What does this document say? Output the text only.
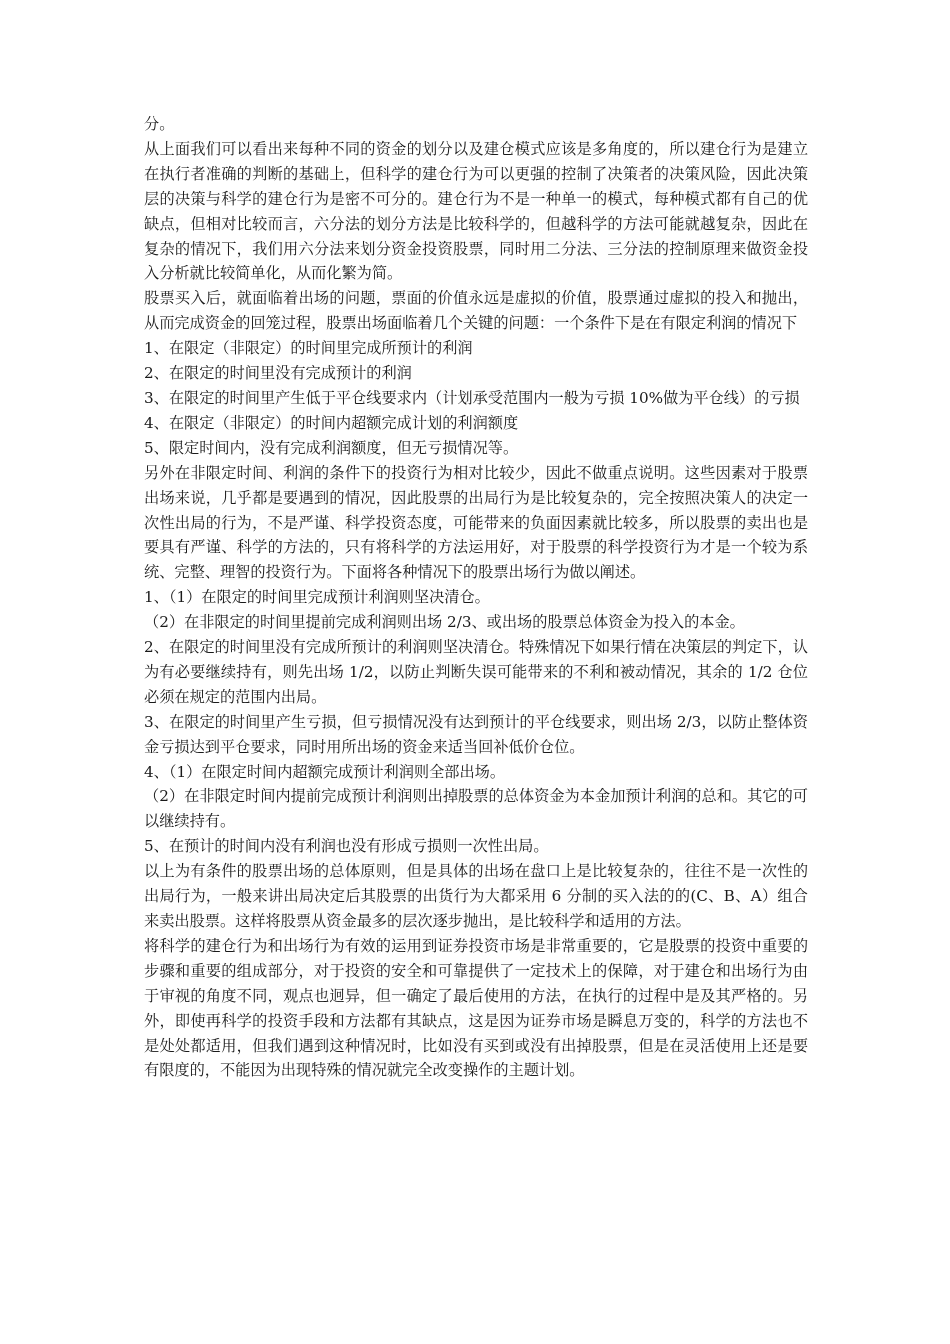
分。

从上面我们可以看出来每种不同的资金的划分以及建仓模式应该是多角度的，所以建仓行为是建立在执行者准确的判断的基础上，但科学的建仓行为可以更强的控制了决策者的决策风险，因此决策层的决策与科学的建仓行为是密不可分的。建仓行为不是一种单一的模式，每种模式都有自己的优缺点，但相对比较而言，六分法的划分方法是比较科学的，但越科学的方法可能就越复杂，因此在复杂的情况下，我们用六分法来划分资金投资股票，同时用二分法、三分法的控制原理来做资金投入分析就比较简单化，从而化繁为简。

股票买入后，就面临着出场的问题，票面的价值永远是虚拟的价值，股票通过虚拟的投入和抛出，从而完成资金的回笼过程，股票出场面临着几个关键的问题：一个条件下是在有限定利润的情况下

1、在限定（非限定）的时间里完成所预计的利润

2、在限定的时间里没有完成预计的利润

3、在限定的时间里产生低于平仓线要求内（计划承受范围内一般为亏损 10%做为平仓线）的亏损

4、在限定（非限定）的时间内超额完成计划的利润额度

5、限定时间内，没有完成利润额度，但无亏损情况等。

另外在非限定时间、利润的条件下的投资行为相对比较少，因此不做重点说明。这些因素对于股票出场来说，几乎都是要遇到的情况，因此股票的出局行为是比较复杂的，完全按照决策人的决定一次性出局的行为，不是严谨、科学投资态度，可能带来的负面因素就比较多，所以股票的卖出也是要具有严谨、科学的方法的，只有将科学的方法运用好，对于股票的科学投资行为才是一个较为系统、完整、理智的投资行为。下面将各种情况下的股票出场行为做以阐述。

1、（1）在限定的时间里完成预计利润则坚决清仓。

（2）在非限定的时间里提前完成利润则出场 2/3、或出场的股票总体资金为投入的本金。

2、在限定的时间里没有完成所预计的利润则坚决清仓。特殊情况下如果行情在决策层的判定下，认为有必要继续持有，则先出场 1/2，以防止判断失误可能带来的不利和被动情况，其余的 1/2 仓位必须在规定的范围内出局。

3、在限定的时间里产生亏损，但亏损情况没有达到预计的平仓线要求，则出场 2/3，以防止整体资金亏损达到平仓要求，同时用所出场的资金来适当回补低价仓位。

4、（1）在限定时间内超额完成预计利润则全部出场。

（2）在非限定时间内提前完成预计利润则出掉股票的总体资金为本金加预计利润的总和。其它的可以继续持有。

5、在预计的时间内没有利润也没有形成亏损则一次性出局。

以上为有条件的股票出场的总体原则，但是具体的出场在盘口上是比较复杂的，往往不是一次性的出局行为，一般来讲出局决定后其股票的出货行为大都采用 6 分制的买入法的的(C、B、A）组合来卖出股票。这样将股票从资金最多的层次逐步抛出，是比较科学和适用的方法。

将科学的建仓行为和出场行为有效的运用到证券投资市场是非常重要的，它是股票的投资中重要的步骤和重要的组成部分，对于投资的安全和可靠提供了一定技术上的保障，对于建仓和出场行为由于审视的角度不同，观点也迥异，但一确定了最后使用的方法，在执行的过程中是及其严格的。另外，即使再科学的投资手段和方法都有其缺点，这是因为证券市场是瞬息万变的，科学的方法也不是处处都适用，但我们遇到这种情况时，比如没有买到或没有出掉股票，但是在灵活使用上还是要有限度的，不能因为出现特殊的情况就完全改变操作的主题计划。
